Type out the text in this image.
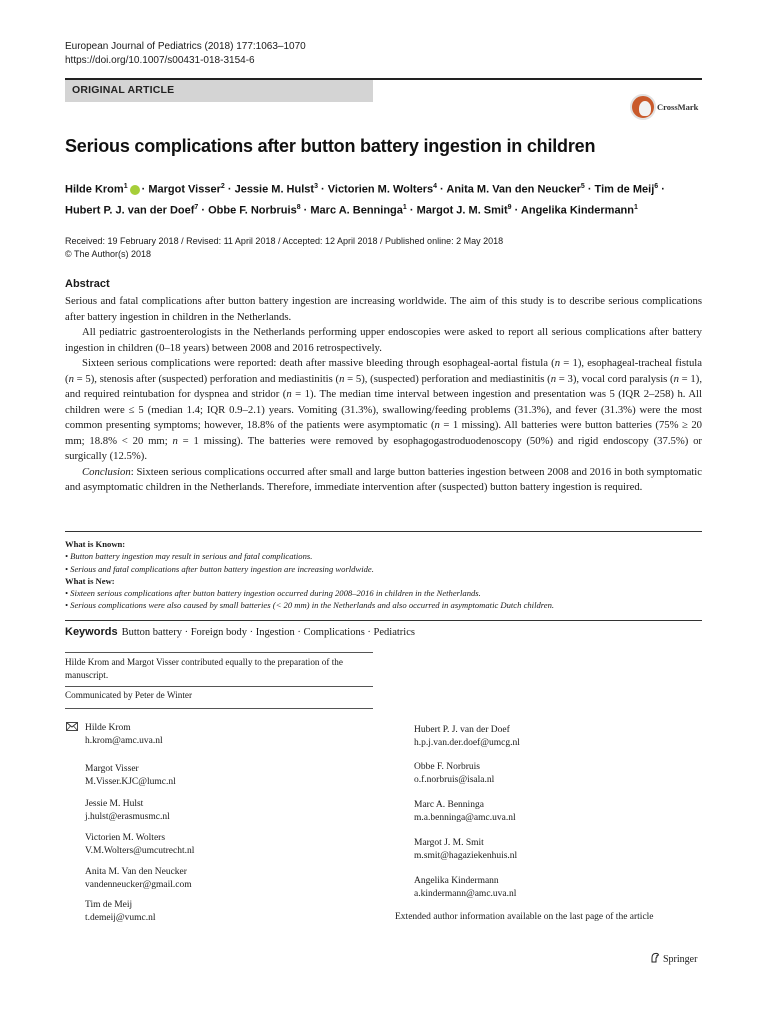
European Journal of Pediatrics (2018) 177:1063–1070
https://doi.org/10.1007/s00431-018-3154-6
ORIGINAL ARTICLE
CrossMark
Serious complications after button battery ingestion in children
Hilde Krom$^1$ · Margot Visser$^2$ · Jessie M. Hulst$^3$ · Victorien M. Wolters$^4$ · Anita M. Van den Neucker$^5$ · Tim de Meij$^6$ ·
Hubert P. J. van der Doef$^7$ · Obbe F. Norbruis$^8$ · Marc A. Benninga$^1$ · Margot J. M. Smit$^9$ · Angelika Kindermann$^1$
Received: 19 February 2018 / Revised: 11 April 2018 / Accepted: 12 April 2018 / Published online: 2 May 2018
© The Author(s) 2018
Abstract

Serious and fatal complications after button battery ingestion are increasing worldwide. The aim of this study is to describe serious complications after battery ingestion in children in the Netherlands.

All pediatric gastroenterologists in the Netherlands performing upper endoscopies were asked to report all serious complications after battery ingestion in children (0–18 years) between 2008 and 2016 retrospectively.

Sixteen serious complications were reported: death after massive bleeding through esophageal-aortal fistula (n = 1), esophageal-tracheal fistula (n = 5), stenosis after (suspected) perforation and mediastinitis (n = 5), (suspected) perforation and mediastinitis (n = 3), vocal cord paralysis (n = 1), and required reintubation for dyspnea and stridor (n = 1). The median time interval between ingestion and presentation was 5 (IQR 2–258) h. All children were ≤ 5 (median 1.4; IQR 0.9–2.1) years. Vomiting (31.3%), swallowing/feeding problems (31.3%), and fever (31.3%) were the most common presenting symptoms; however, 18.8% of the patients were asymptomatic (n = 1 missing). All batteries were button batteries (75% ≥ 20 mm; 18.8% < 20 mm; n = 1 missing). The batteries were removed by esophagogastroduodenoscopy (50%) and rigid endoscopy (37.5%) or surgically (12.5%).

Conclusion: Sixteen serious complications occurred after small and large button batteries ingestion between 2008 and 2016 in both symptomatic and asymptomatic children in the Netherlands. Therefore, immediate intervention after (suspected) button battery ingestion is required.

What is Known:
• Button battery ingestion may result in serious and fatal complications.
• Serious and fatal complications after button battery ingestion are increasing worldwide.
What is New:
• Sixteen serious complications after button battery ingestion occurred during 2008–2016 in children in the Netherlands.
• Serious complications were also caused by small batteries (< 20 mm) in the Netherlands and also occurred in asymptomatic Dutch children.
Keywords Button battery · Foreign body · Ingestion · Complications · Pediatrics
Hilde Krom and Margot Visser contributed equally to the preparation of the manuscript.
Communicated by Peter de Winter
Hilde Krom
h.krom@amc.uva.nl
Margot Visser
M.Visser.KJC@lumc.nl
Jessie M. Hulst
j.hulst@erasmusmc.nl
Victorien M. Wolters
V.M.Wolters@umcutrecht.nl
Anita M. Van den Neucker
vandenneucker@gmail.com
Tim de Meij
t.demeij@vumc.nl
Hubert P. J. van der Doef
h.p.j.van.der.doef@umcg.nl
Obbe F. Norbruis
o.f.norbruis@isala.nl
Marc A. Benninga
m.a.benninga@amc.uva.nl
Margot J. M. Smit
m.smit@hagaziekenhuis.nl
Angelika Kindermann
a.kindermann@amc.uva.nl
Extended author information available on the last page of the article
Springer
